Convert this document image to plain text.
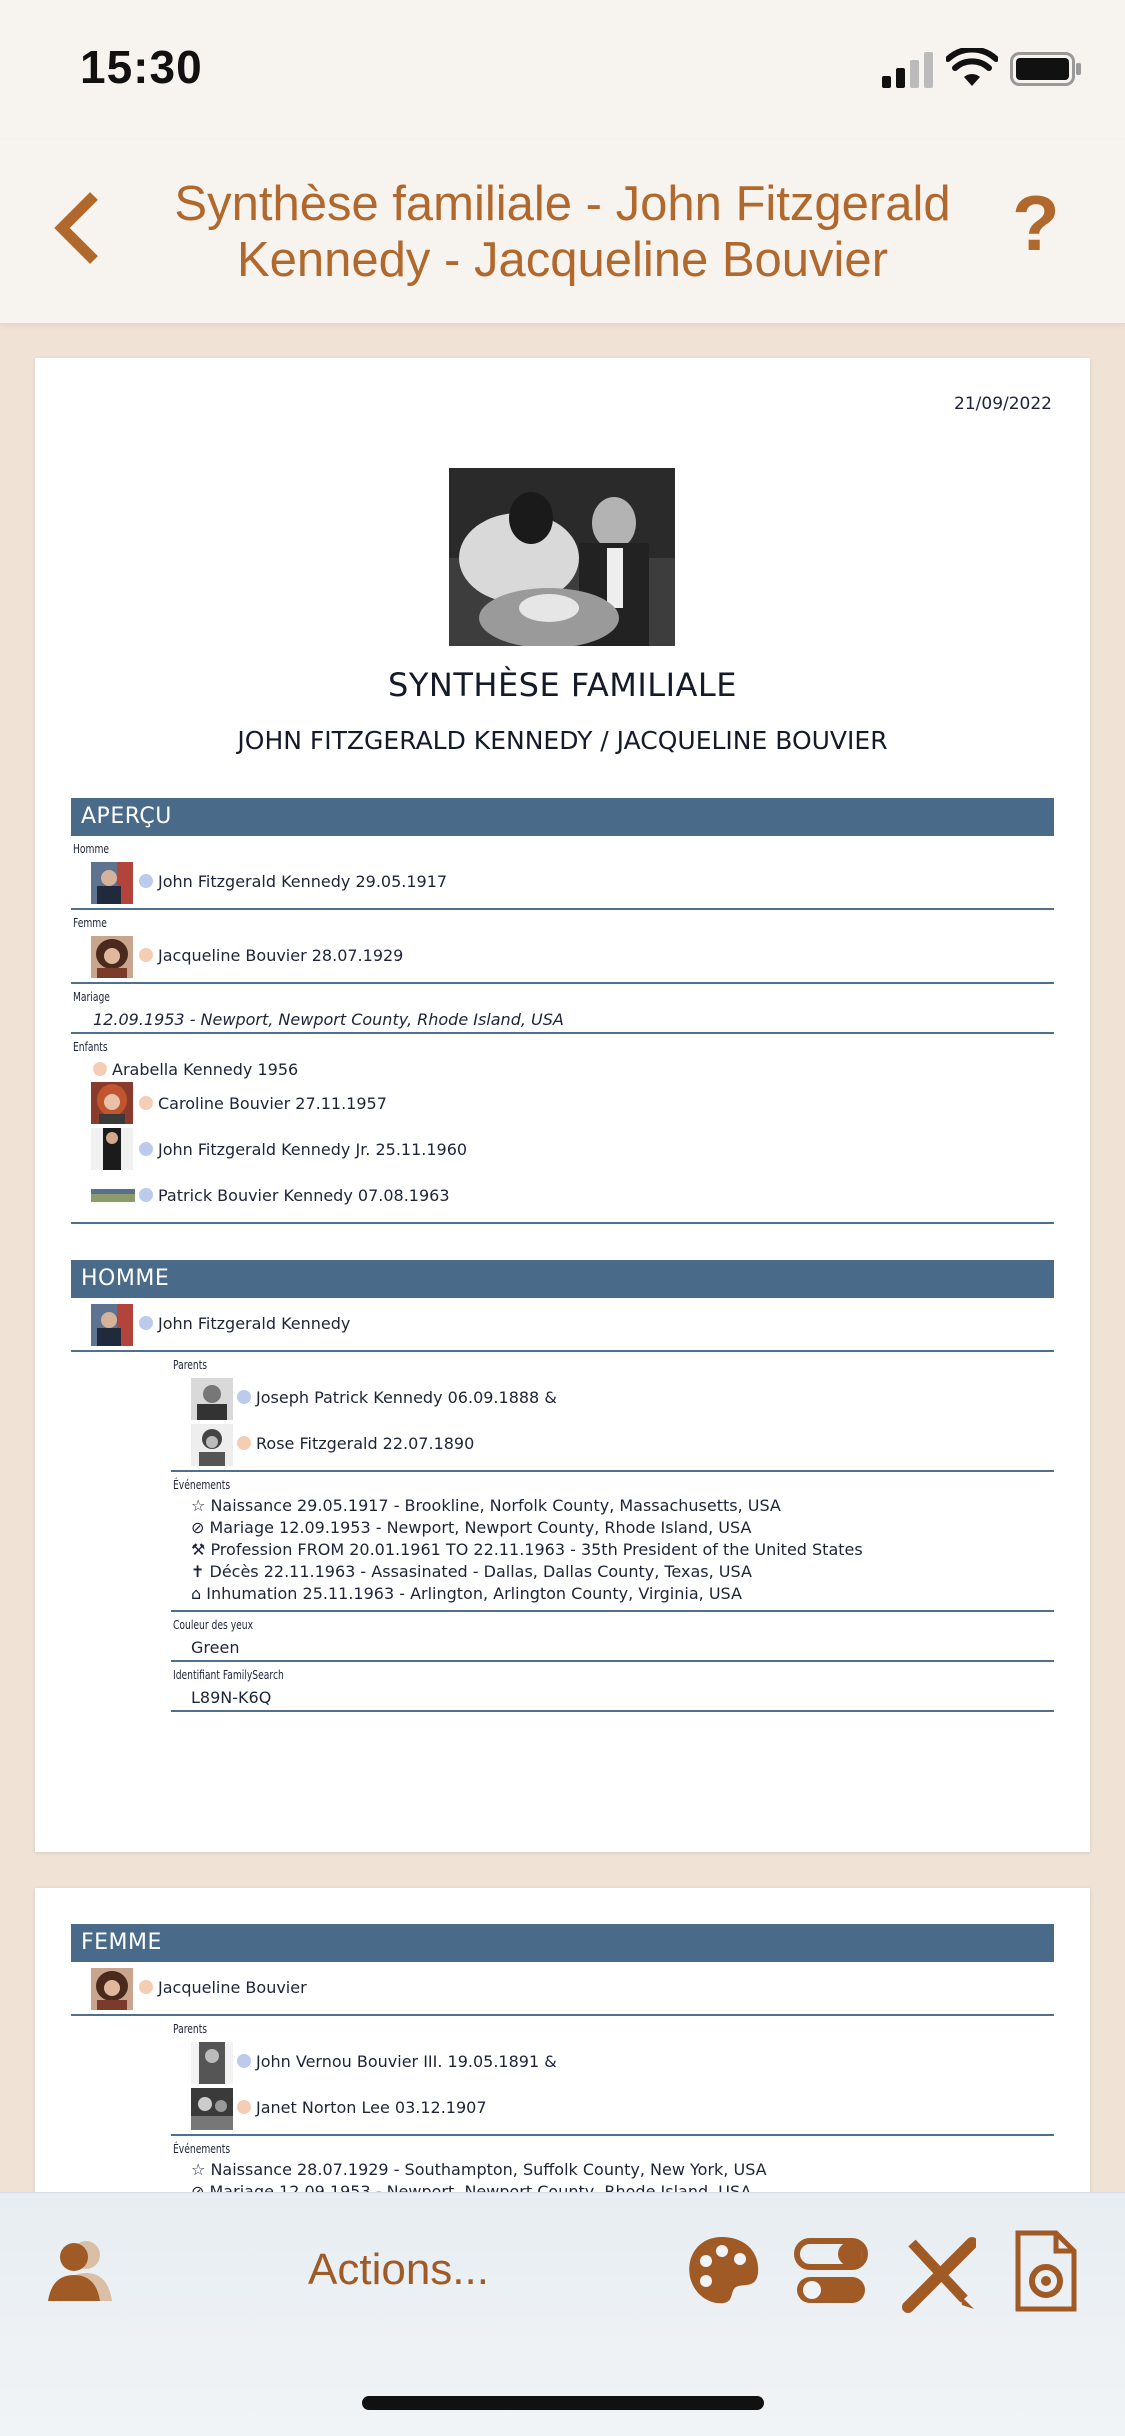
15:30
Synthèse familiale - John Fitzgerald Kennedy - Jacqueline Bouvier	?
21/09/2022
SYNTHÈSE FAMILIALE
JOHN FITZGERALD KENNEDY / JACQUELINE BOUVIER
APERÇU
Homme
John Fitzgerald Kennedy 29.05.1917
Femme
Jacqueline Bouvier 28.07.1929
Mariage
12.09.1953 - Newport, Newport County, Rhode Island, USA
Enfants
Arabella Kennedy 1956
Caroline Bouvier 27.11.1957
John Fitzgerald Kennedy Jr. 25.11.1960
Patrick Bouvier Kennedy 07.08.1963
HOMME
John Fitzgerald Kennedy
Parents
Joseph Patrick Kennedy 06.09.1888 &
Rose Fitzgerald 22.07.1890
Événements
☆ Naissance 29.05.1917 - Brookline, Norfolk County, Massachusetts, USA
⊘ Mariage 12.09.1953 - Newport, Newport County, Rhode Island, USA
⚒ Profession FROM 20.01.1961 TO 22.11.1963 - 35th President of the United States
✝ Décès 22.11.1963 - Assasinated - Dallas, Dallas County, Texas, USA
⌂ Inhumation 25.11.1963 - Arlington, Arlington County, Virginia, USA
Couleur des yeux
Green
Identifiant FamilySearch
L89N-K6Q
FEMME
Jacqueline Bouvier
Parents
John Vernou Bouvier III. 19.05.1891 &
Janet Norton Lee 03.12.1907
Événements
☆ Naissance 28.07.1929 - Southampton, Suffolk County, New York, USA
Actions...
